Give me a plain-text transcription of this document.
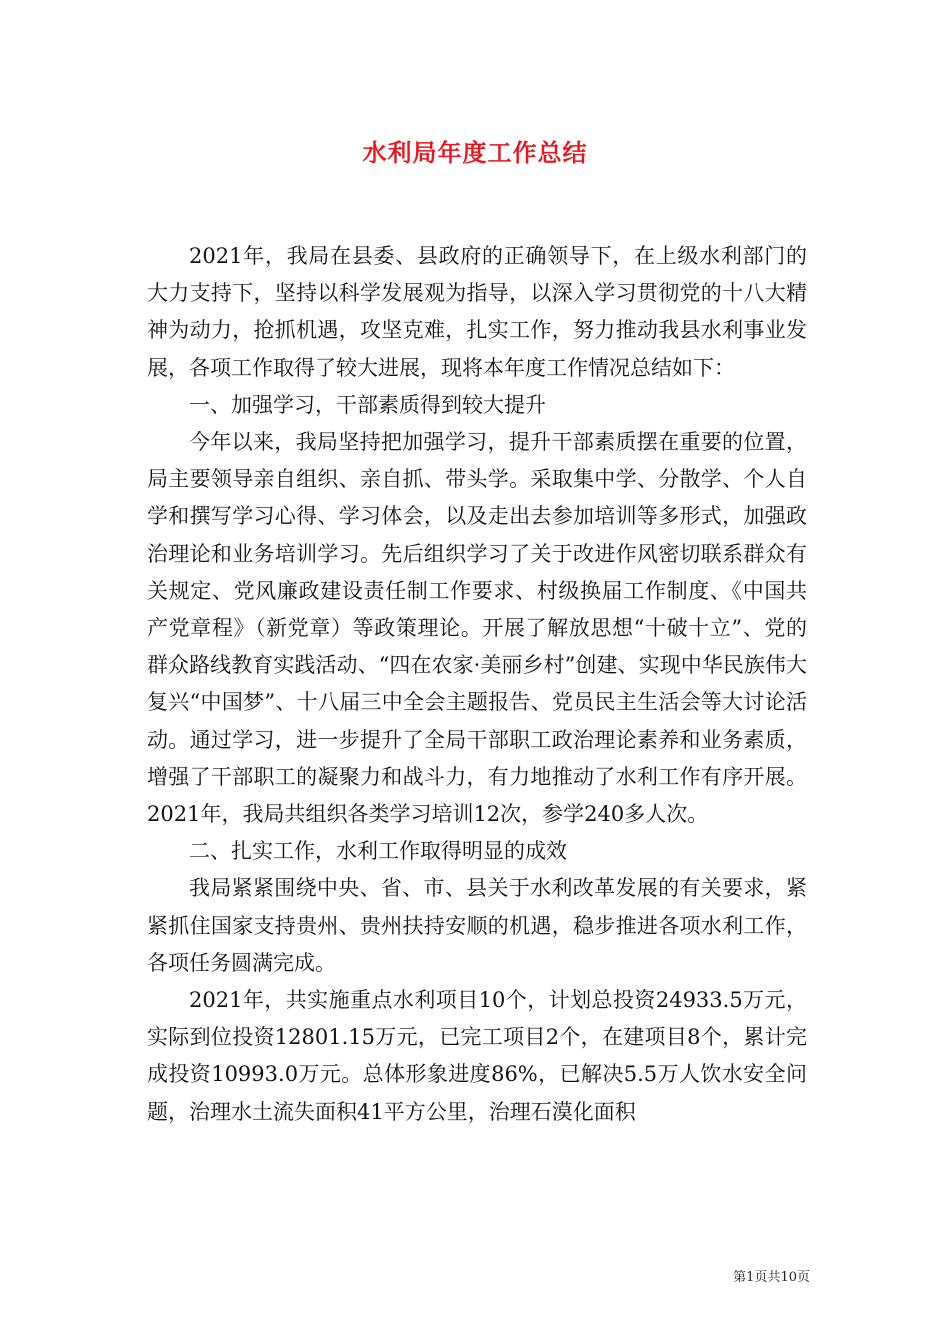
水利局年度工作总结

2021年，我局在县委、县政府的正确领导下，在上级水利部门的大力支持下，坚持以科学发展观为指导，以深入学习贯彻党的十八大精神为动力，抢抓机遇，攻坚克难，扎实工作，努力推动我县水利事业发展，各项工作取得了较大进展，现将本年度工作情况总结如下：

一、加强学习，干部素质得到较大提升

今年以来，我局坚持把加强学习，提升干部素质摆在重要的位置，局主要领导亲自组织、亲自抓、带头学。采取集中学、分散学、个人自学和撰写学习心得、学习体会，以及走出去参加培训等多形式，加强政治理论和业务培训学习。先后组织学习了关于改进作风密切联系群众有关规定、党风廉政建设责任制工作要求、村级换届工作制度、《中国共产党章程》（新党章）等政策理论。开展了解放思想“十破十立”、党的群众路线教育实践活动、“四在农家·美丽乡村”创建、实现中华民族伟大复兴“中国梦”、十八届三中全会主题报告、党员民主生活会等大讨论活动。通过学习，进一步提升了全局干部职工政治理论素养和业务素质，增强了干部职工的凝聚力和战斗力，有力地推动了水利工作有序开展。2021年，我局共组织各类学习培训12次，参学240多人次。

二、扎实工作，水利工作取得明显的成效

我局紧紧围绕中央、省、市、县关于水利改革发展的有关要求，紧紧抓住国家支持贵州、贵州扶持安顺的机遇，稳步推进各项水利工作，各项任务圆满完成。

2021年，共实施重点水利项目10个，计划总投资24933.5万元，实际到位投资12801.15万元，已完工项目2个，在建项目8个，累计完成投资10993.0万元。总体形象进度86%，已解决5.5万人饮水安全问题，治理水土流失面积41平方公里，治理石漠化面积

第1页共10页
